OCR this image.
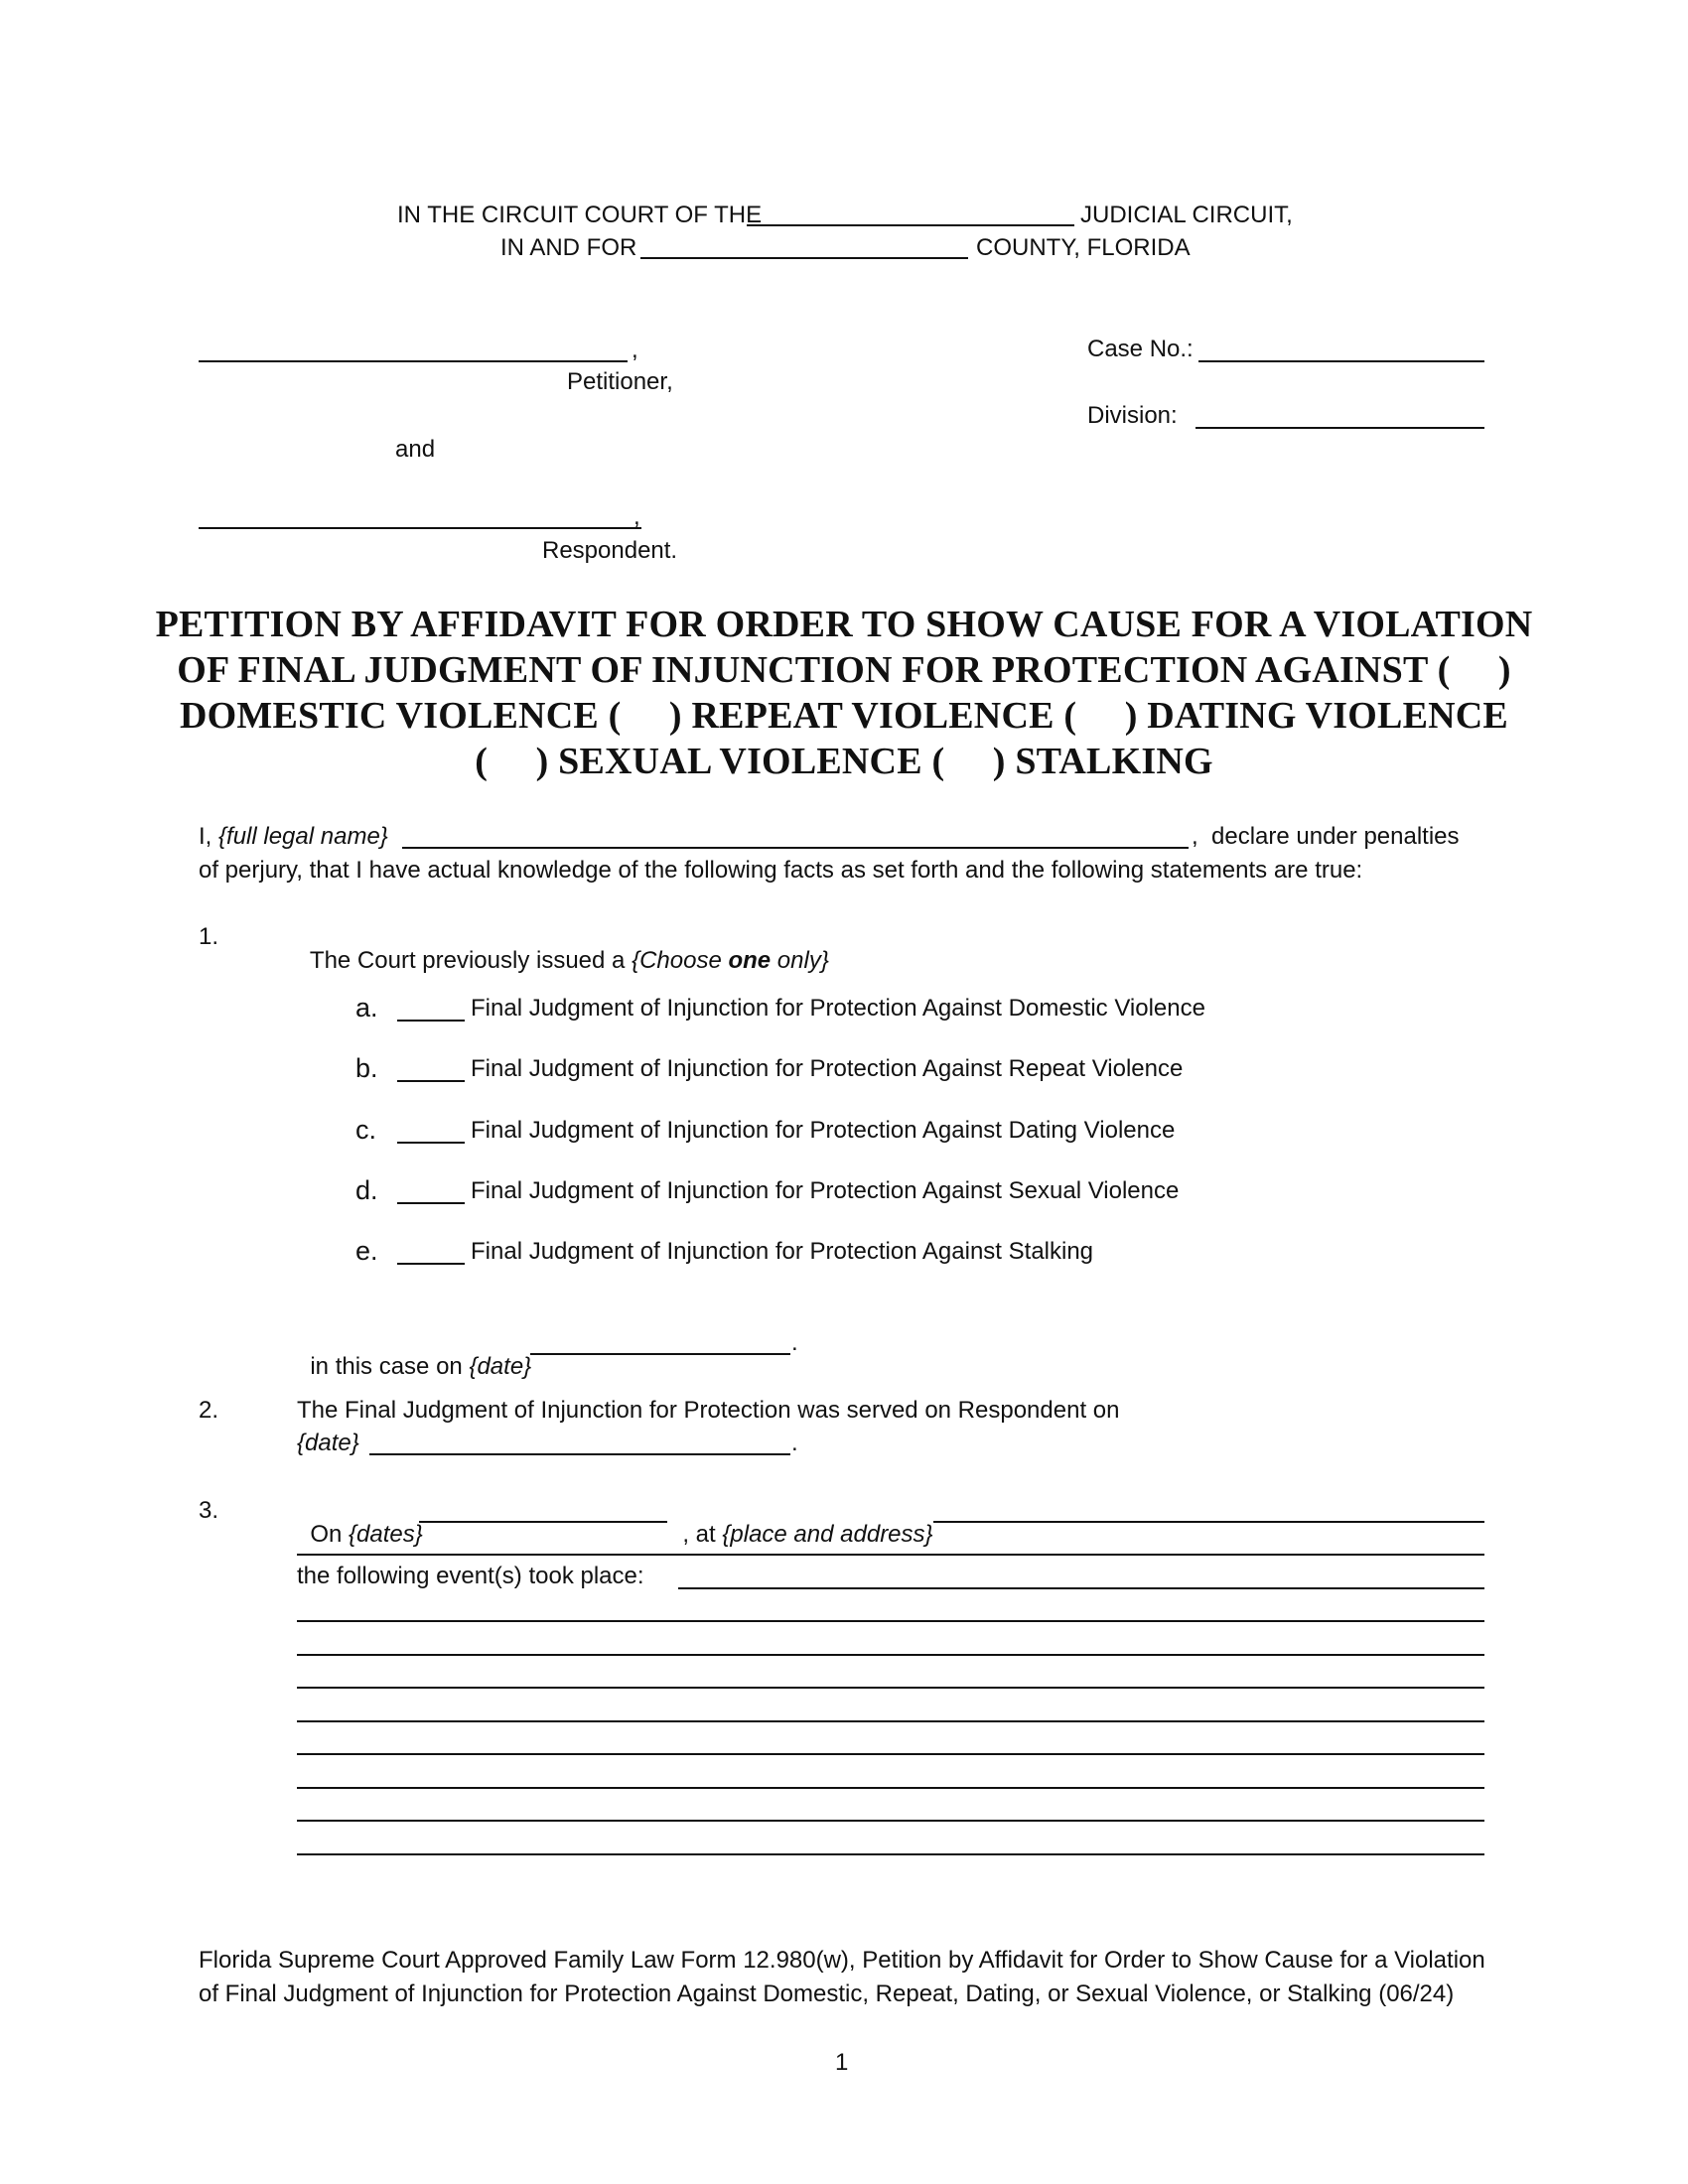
IN THE CIRCUIT COURT OF THE	JUDICIAL CIRCUIT,
IN AND FOR	COUNTY, FLORIDA
,
Petitioner,
and
,
Respondent.
Case No.:
Division:
PETITION BY AFFIDAVIT FOR ORDER TO SHOW CAUSE FOR A VIOLATION
OF FINAL JUDGMENT OF INJUNCTION FOR PROTECTION AGAINST (     )
DOMESTIC VIOLENCE (     ) REPEAT VIOLENCE (     ) DATING VIOLENCE
(     ) SEXUAL VIOLENCE (     ) STALKING
I, {full legal name}	,  declare under penalties
of perjury, that I have actual knowledge of the following facts as set forth and the following statements are true:
1.

The Court previously issued a {Choose one only}

a.	Final Judgment of Injunction for Protection Against Domestic Violence
b.	Final Judgment of Injunction for Protection Against Repeat Violence
c.	Final Judgment of Injunction for Protection Against Dating Violence
d.	Final Judgment of Injunction for Protection Against Sexual Violence
e.	Final Judgment of Injunction for Protection Against Stalking

in this case on {date}

.
2.	The Final Judgment of Injunction for Protection was served on Respondent on
{date}	.
3.

On {dates}	, at {place and address}

the following event(s) took place:
Florida Supreme Court Approved Family Law Form 12.980(w), Petition by Affidavit for Order to Show Cause for a Violation of Final Judgment of Injunction for Protection Against Domestic, Repeat, Dating, or Sexual Violence, or Stalking (06/24)
1
